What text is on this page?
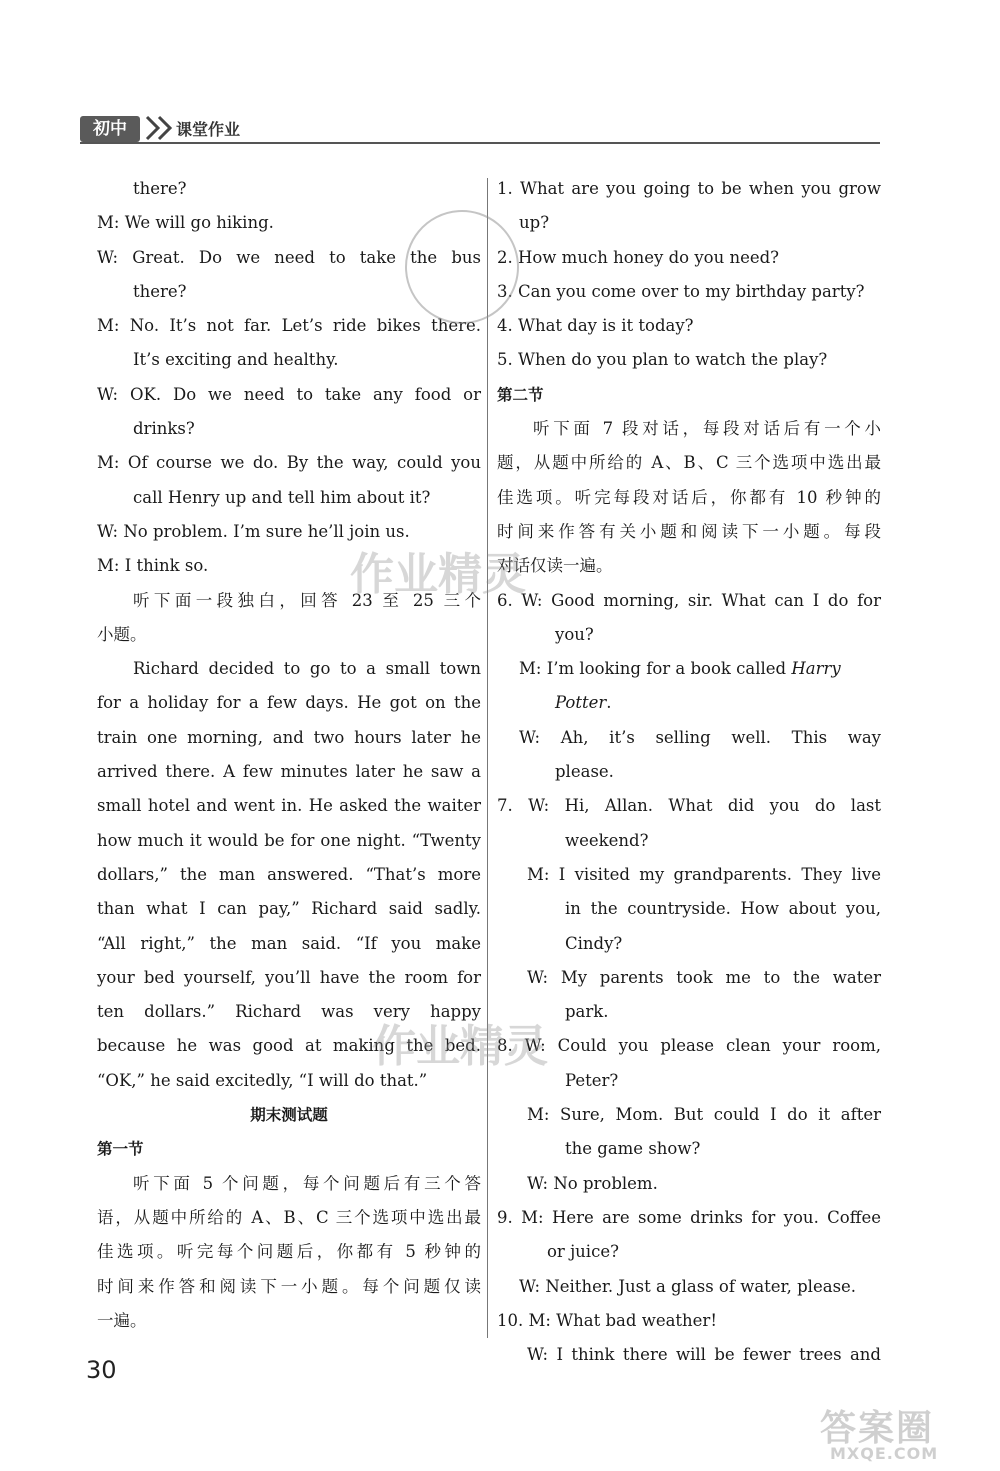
初中	课堂作业
there?
M: We will go hiking.
W: Great. Do we need to take the bus
there?
M: No. It’s not far. Let’s ride bikes there.
It’s exciting and healthy.
W: OK. Do we need to take any food or
drinks?
M: Of course we do. By the way, could you
call Henry up and tell him about it?
W: No problem. I’m sure he’ll join us.
M: I think so.
听下面一段独白，回答 23 至 25 三个
小题。
Richard decided to go to a small town
for a holiday for a few days. He got on the
train one morning, and two hours later he
arrived there. A few minutes later he saw a
small hotel and went in. He asked the waiter
how much it would be for one night. “Twenty
dollars,” the man answered. “That’s more
than what I can pay,” Richard said sadly.
“All right,” the man said. “If you make
your bed yourself, you’ll have the room for
ten dollars.” Richard was very happy
because he was good at making the bed.
“OK,” he said excitedly, “I will do that.”
期末测试题
第一节
听下面 5 个问题，每个问题后有三个答
语，从题中所给的 A、B、C 三个选项中选出最
佳选项。听完每个问题后，你都有 5 秒钟的
时间来作答和阅读下一小题。每个问题仅读
一遍。
1. What are you going to be when you grow
up?
2. How much honey do you need?
3. Can you come over to my birthday party?
4. What day is it today?
5. When do you plan to watch the play?
第二节
听下面 7 段对话，每段对话后有一个小
题，从题中所给的 A、B、C 三个选项中选出最
佳选项。听完每段对话后，你都有 10 秒钟的
时间来作答有关小题和阅读下一小题。每段
对话仅读一遍。
6. W: Good morning, sir. What can I do for
you?
M: I’m looking for a book called Harry
Potter.
W: Ah, it’s selling well. This way
please.
7. W: Hi, Allan. What did you do last
weekend?
M: I visited my grandparents. They live
in the countryside. How about you,
Cindy?
W: My parents took me to the water
park.
8. W: Could you please clean your room,
Peter?
M: Sure, Mom. But could I do it after
the game show?
W: No problem.
9. M: Here are some drinks for you. Coffee
or juice?
W: Neither. Just a glass of water, please.
10. M: What bad weather!
W: I think there will be fewer trees and
30
作业精灵
作业精灵
答案圈
MXQE.COM
